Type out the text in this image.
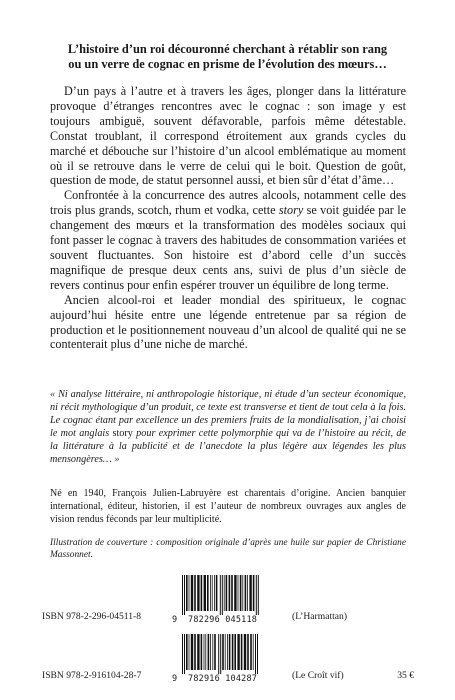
L’histoire d’un roi découronné cherchant à rétablir son rang
ou un verre de cognac en prisme de l’évolution des mœurs…

D’un pays à l’autre et à travers les âges, plonger dans la littérature provoque d’étranges rencontres avec le cognac : son image y est toujours ambiguë, souvent défavorable, parfois même détestable. Constat troublant, il correspond étroitement aux grands cycles du marché et débouche sur l’histoire d’un alcool emblématique au moment où il se retrouve dans le verre de celui qui le boit. Question de goût, question de mode, de statut personnel aussi, et bien sûr d’état d’âme…

Confrontée à la concurrence des autres alcools, notamment celle des trois plus grands, scotch, rhum et vodka, cette story se voit guidée par le changement des mœurs et la transformation des modèles sociaux qui font passer le cognac à travers des habitudes de consommation variées et souvent fluctuantes. Son histoire est d’abord celle d’un succès magnifique de presque deux cents ans, suivi de plus d’un siècle de revers continus pour enfin espérer trouver un équilibre de long terme.

Ancien alcool-roi et leader mondial des spiritueux, le cognac aujourd’hui hésite entre une légende entretenue par sa région de production et le positionnement nouveau d’un alcool de qualité qui ne se contenterait plus d’une niche de marché.

« Ni analyse littéraire, ni anthropologie historique, ni étude d’un secteur économique, ni récit mythologique d’un produit, ce texte est transverse et tient de tout cela à la fois. Le cognac étant par excellence un des premiers fruits de la mondialisation, j’ai choisi le mot anglais story pour exprimer cette polymorphie qui va de l’histoire au récit, de la littérature à la publicité et de l’anecdote la plus légère aux légendes les plus mensongères… »

Né en 1940, François Julien-Labruyère est charentais d’origine. Ancien banquier international, éditeur, historien, il est l’auteur de nombreux ouvrages aux angles de vision rendus féconds par leur multiplicité.

Illustration de couverture : composition originale d’après une huile sur papier de Christiane Massonnet.

ISBN 978-2-296-04511-8	9 782296 045118	(L’Harmattan)
ISBN 978-2-916104-28-7	9 782916 104287	(Le Croît vif)	35 €
